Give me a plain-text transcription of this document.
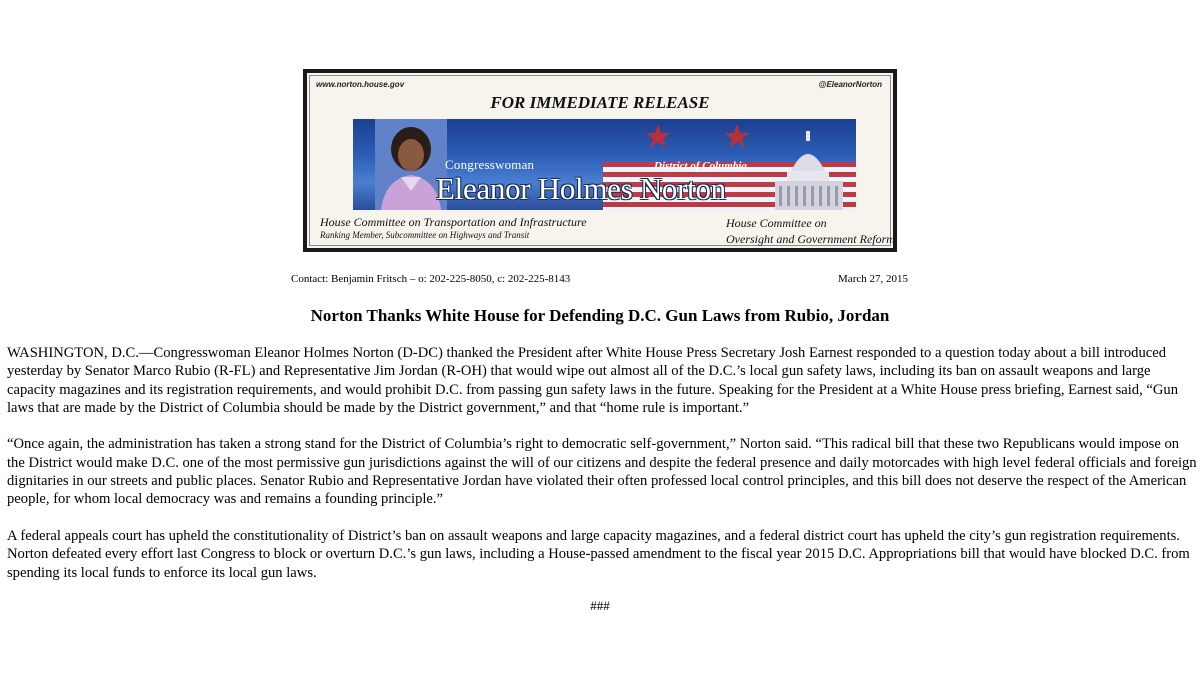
www.norton.house.gov	@EleanorNorton
FOR IMMEDIATE RELEASE
Congresswoman	District of Columbia
Eleanor Holmes Norton
House Committee on Transportation and Infrastructure
Ranking Member, Subcommittee on Highways and Transit
House Committee on
Oversight and Government Reform
Contact: Benjamin Fritsch – o: 202-225-8050, c: 202-225-8143	March 27, 2015
Norton Thanks White House for Defending D.C. Gun Laws from Rubio, Jordan

WASHINGTON, D.C.—Congresswoman Eleanor Holmes Norton (D-DC) thanked the President after White House Press Secretary Josh Earnest responded to a question today about a bill introduced yesterday by Senator Marco Rubio (R-FL) and Representative Jim Jordan (R-OH) that would wipe out almost all of the D.C.’s local gun safety laws, including its ban on assault weapons and large capacity magazines and its registration requirements, and would prohibit D.C. from passing gun safety laws in the future. Speaking for the President at a White House press briefing, Earnest said, “Gun laws that are made by the District of Columbia should be made by the District government,” and that “home rule is important.”

“Once again, the administration has taken a strong stand for the District of Columbia’s right to democratic self-government,” Norton said. “This radical bill that these two Republicans would impose on the District would make D.C. one of the most permissive gun jurisdictions against the will of our citizens and despite the federal presence and daily motorcades with high level federal officials and foreign dignitaries in our streets and public places. Senator Rubio and Representative Jordan have violated their often professed local control principles, and this bill does not deserve the respect of the American people, for whom local democracy was and remains a founding principle.”

A federal appeals court has upheld the constitutionality of District’s ban on assault weapons and large capacity magazines, and a federal district court has upheld the city’s gun registration requirements. Norton defeated every effort last Congress to block or overturn D.C.’s gun laws, including a House-passed amendment to the fiscal year 2015 D.C. Appropriations bill that would have blocked D.C. from spending its local funds to enforce its local gun laws.

###
